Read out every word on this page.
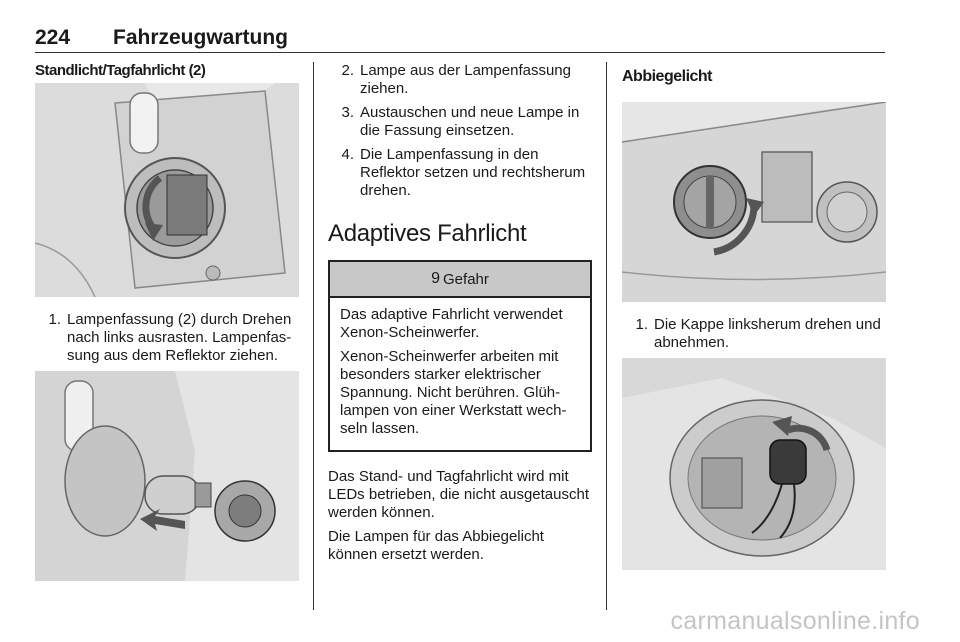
224 Fahrzeugwartung
Standlicht/Tagfahrlicht (2)
1. Lampenfassung (2) durch Drehen nach links ausrasten. Lampenfassung aus dem Reflektor ziehen.
2. Lampe aus der Lampenfassung ziehen.
3. Austauschen und neue Lampe in die Fassung einsetzen.
4. Die Lampenfassung in den Reflektor setzen und rechtsherum drehen.
Adaptives Fahrlicht
9 Gefahr

Das adaptive Fahrlicht verwendet Xenon-Scheinwerfer.

Xenon-Scheinwerfer arbeiten mit besonders starker elektrischer Spannung. Nicht berühren. Glühlampen von einer Werkstatt wechseln lassen.

Das Stand- und Tagfahrlicht wird mit LEDs betrieben, die nicht ausgetauscht werden können.

Die Lampen für das Abbiegelicht können ersetzt werden.

Abbiegelicht
1. Die Kappe linksherum drehen und abnehmen.
carmanualsonline.info
